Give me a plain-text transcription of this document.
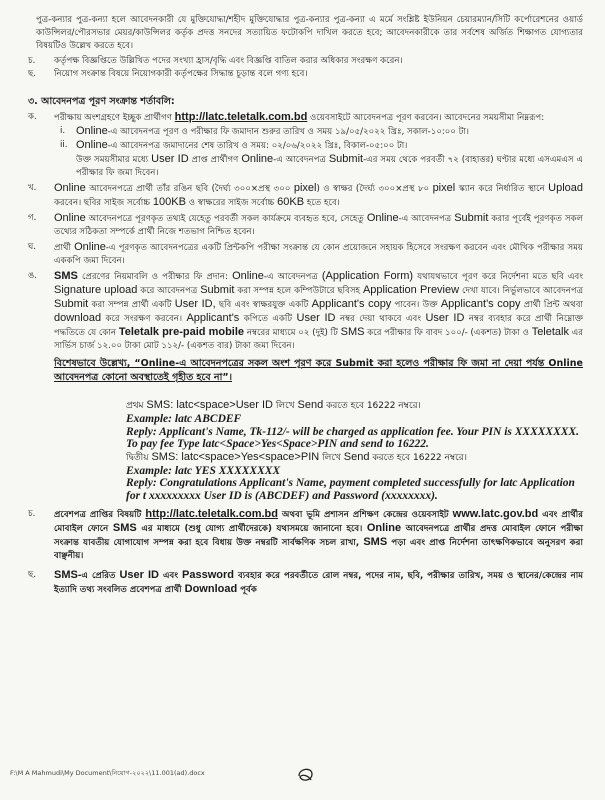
পুত্র-কন্যার পুত্র-কন্যা হলে আবেদনকারী যে মুক্তিযোদ্ধা/শহীদ মুক্তিযোদ্ধার পুত্র-কন্যার পুত্র-কন্যা এ মর্মে সংশ্লিষ্ট ইউনিয়ন চেয়ারম্যান/সিটি কর্পোরেশনের ওয়ার্ড কাউন্সিলর/পৌরসভার মেয়র/কাউন্সিলর কর্তৃক প্রদত্ত সনদের সত্যায়িত ফটোকপি দাখিল করতে হবে; আবেদনকারীকে তার সর্বশেষ অর্জিত শিক্ষাগত যোগ্যতার বিষয়টিও উল্লেখ করতে হবে।

চ.	কর্তৃপক্ষ বিজ্ঞপ্তিতে উল্লিখিত পদের সংখ্যা হ্রাস/বৃদ্ধি এবং বিজ্ঞপ্তি বাতিল করার অধিকার সংরক্ষণ করেন।
ছ.	নিয়োগ সংক্রান্ত বিষয়ে নিয়োগকারী কর্তৃপক্ষের সিদ্ধান্ত চূড়ান্ত বলে গণ্য হবে।
৩. আবেদনপত্র পূরণ সংক্রান্ত শর্তাবলি:
ক.	পরীক্ষায় অংশগ্রহণে ইচ্ছুক প্রার্থীগণ http://latc.teletalk.com.bd ওয়েবসাইটে আবেদনপত্র পূরণ করবেন। আবেদনের সময়সীমা নিম্নরূপ:
i. Online-এ আবেদনপত্র পূরণ ও পরীক্ষার ফি জমাদান শুরুর তারিখ ও সময় ১৯/০৫/২০২২ খ্রিঃ, সকাল-১০:০০ টা।
ii. Online-এ আবেদনপত্র জমাদানের শেষ তারিখ ও সময়: ০২/০৬/২০২২ খ্রিঃ, বিকাল-০৫:০০ টা।
উক্ত সময়সীমার মধ্যে User ID প্রাপ্ত প্রার্থীগণ Online-এ আবেদনপত্র Submit-এর সময় থেকে পরবর্তী ৭২ (বাহাত্তর) ঘণ্টার মধ্যে এসএমএস এ পরীক্ষার ফি জমা দিবেন।
খ.	Online আবেদনপত্রে প্রার্থী তাঁর রঙিন ছবি (দৈর্ঘ্য ৩০০×প্রস্থ ৩০০ pixel) ও স্বাক্ষর (দৈর্ঘ্য ৩০০×প্রস্থ ৮০ pixel স্ক্যান করে নির্ধারিত স্থানে Upload করবেন। ছবির সাইজ সর্বোচ্চ 100KB ও স্বাক্ষরের সাইজ সর্বোচ্চ 60KB হতে হবে।
গ.	Online আবেদনপত্রে পূরণকৃত তথ্যই যেহেতু পরবর্তী সকল কার্যক্রমে ব্যবহৃত হবে, সেহেতু Online-এ আবেদনপত্র Submit করার পূর্বেই পূরণকৃত সকল তথ্যের সঠিকতা সম্পর্কে প্রার্থী নিজে শতভাগ নিশ্চিত হবেন।
ঘ.	প্রার্থী Online-এ পূরণকৃত আবেদনপত্রের একটি প্রিন্টকপি পরীক্ষা সংক্রান্ত যে কোন প্রয়োজনে সহায়ক হিসেবে সংরক্ষণ করবেন এবং মৌখিক পরীক্ষার সময় এককপি জমা দিবেন।
ঙ.	SMS প্রেরণের নিয়মাবলি ও পরীক্ষার ফি প্রদান: Online-এ আবেদনপত্র (Application Form) যথাযথভাবে পূরণ করে নির্দেশনা মতে ছবি এবং Signature upload করে আবেদনপত্র Submit করা সম্পন্ন হলে কম্পিউটারে ছবিসহ Application Preview দেখা যাবে। নির্ভুলভাবে আবেদনপত্র Submit করা সম্পন্ন প্রার্থী একটি User ID, ছবি এবং স্বাক্ষরযুক্ত একটি Applicant's copy পাবেন। উক্ত Applicant's copy প্রার্থী প্রিন্ট অথবা download করে সংরক্ষণ করবেন। Applicant's কপিতে একটি User ID নম্বর দেয়া থাকবে এবং User ID নম্বর ব্যবহার করে প্রার্থী নিম্নোক্ত পদ্ধতিতে যে কোন Teletalk pre-paid mobile নম্বরের মাধ্যমে ০২ (দুই) টি SMS করে পরীক্ষার ফি বাবদ ১০০/- (একশত) টাকা ও Teletalk এর সার্ভিস চার্জ ১২.০০ টাকা মোট ১১২/- (একশত বার) টাকা জমা দিবেন।
বিশেষভাবে উল্লেখ্য, “Online-এ আবেদনপত্রের সকল অংশ পূরণ করে Submit করা হলেও পরীক্ষার ফি জমা না দেয়া পর্যন্ত Online আবেদনপত্র কোনো অবস্থাতেই গৃহীত হবে না”।
প্রথম SMS: latc<space>User ID লিখে Send করতে হবে 16222 নম্বরে।
Example: latc ABCDEF
Reply: Applicant's Name, Tk-112/- will be charged as application fee. Your PIN is XXXXXXXX. To pay fee Type latc<Space>Yes<Space>PIN and send to 16222.
দ্বিতীয় SMS: latc<space>Yes<space>PIN লিখে Send করতে হবে 16222 নম্বরে।
Example: latc YES XXXXXXXX
Reply: Congratulations Applicant's Name, payment completed successfully for latc Application for t xxxxxxxxx User ID is (ABCDEF) and Password (xxxxxxxx).
চ.	প্রবেশপত্র প্রাপ্তির বিষয়টি http://latc.teletalk.com.bd অথবা ভূমি প্রশাসন প্রশিক্ষণ কেন্দ্রের ওয়েবসাইট www.latc.gov.bd এবং প্রার্থীর মোবাইল ফোনে SMS এর মাধ্যমে (শুধু যোগ্য প্রার্থীদেরকে) যথাসময়ে জানানো হবে। Online আবেদনপত্রে প্রার্থীর প্রদত্ত মোবাইল ফোনে পরীক্ষা সংক্রান্ত যাবতীয় যোগাযোগ সম্পন্ন করা হবে বিধায় উক্ত নম্বরটি সার্বক্ষণিক সচল রাখা, SMS পড়া এবং প্রাপ্ত নির্দেশনা তাৎক্ষণিকভাবে অনুসরণ করা বাঞ্ছনীয়।
ছ.	SMS-এ প্রেরিত User ID এবং Password ব্যবহার করে পরবর্তীতে রোল নম্বর, পদের নাম, ছবি, পরীক্ষার তারিখ, সময় ও স্থানের/কেন্দ্রের নাম ইত্যাদি তথ্য সংবলিত প্রবেশপত্র প্রার্থী Download পূর্বক
F:\M A Mahmudi\My Document\নিয়োগ-২০২২\11.001(ad).docx
